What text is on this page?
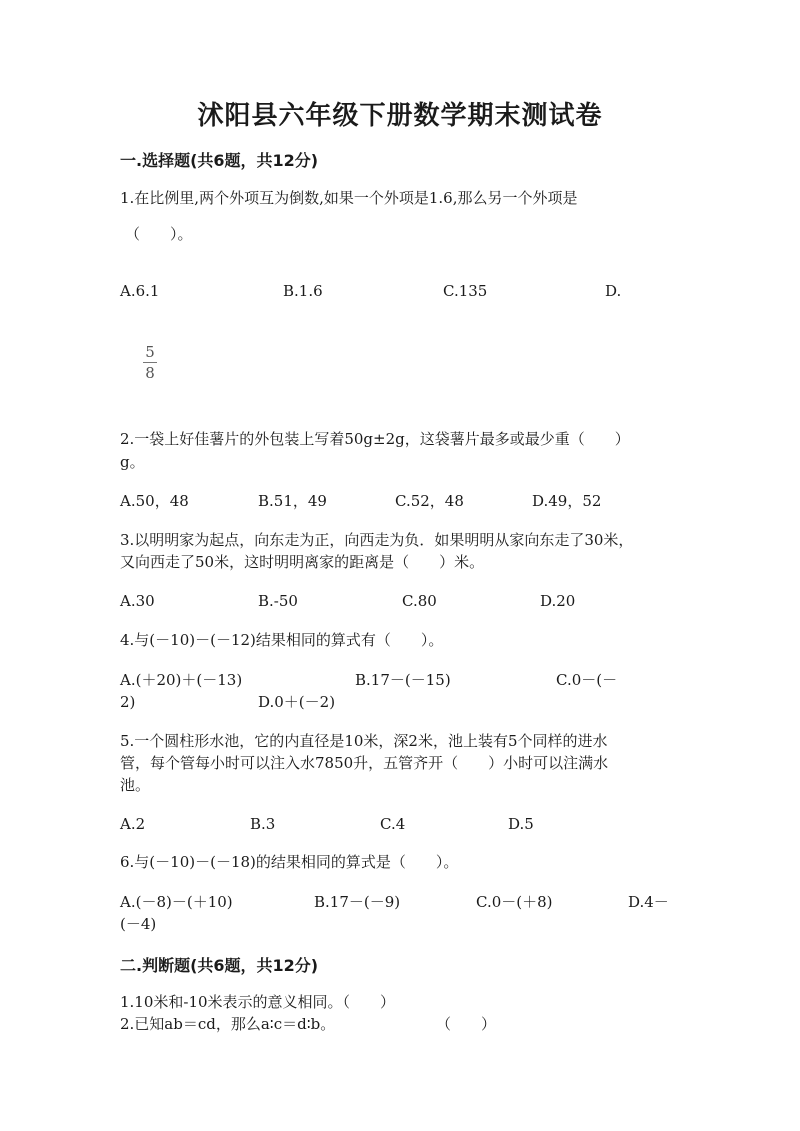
沭阳县六年级下册数学期末测试卷
一.选择题(共6题，共12分)
1.在比例里,两个外项互为倒数,如果一个外项是1.6,那么另一个外项是
（　　）。
A.6.1	B.1.6	C.135	D.
5
8
2.一袋上好佳薯片的外包装上写着50g±2g，这袋薯片最多或最少重（　　）
g。
A.50，48	B.51，49	C.52，48	D.49，52
3.以明明家为起点，向东走为正，向西走为负．如果明明从家向东走了30米，
又向西走了50米，这时明明离家的距离是（　　）米。
A.30	B.-50	C.80	D.20
4.与(－10)－(－12)结果相同的算式有（　　）。
A.(＋20)＋(－13)	B.17－(－15)	C.0－(－
2)	D.0＋(－2)
5.一个圆柱形水池，它的内直径是10米，深2米，池上装有5个同样的进水
管，每个管每小时可以注入水7850升，五管齐开（　　）小时可以注满水
池。
A.2	B.3	C.4	D.5
6.与(－10)－(－18)的结果相同的算式是（　　）。
A.(－8)－(＋10)	B.17－(－9)	C.0－(＋8)	D.4－
(－4)
二.判断题(共6题，共12分)
1.10米和-10米表示的意义相同。（　　）
2.已知ab＝cd，那么a∶c＝d∶b。	（　　）
